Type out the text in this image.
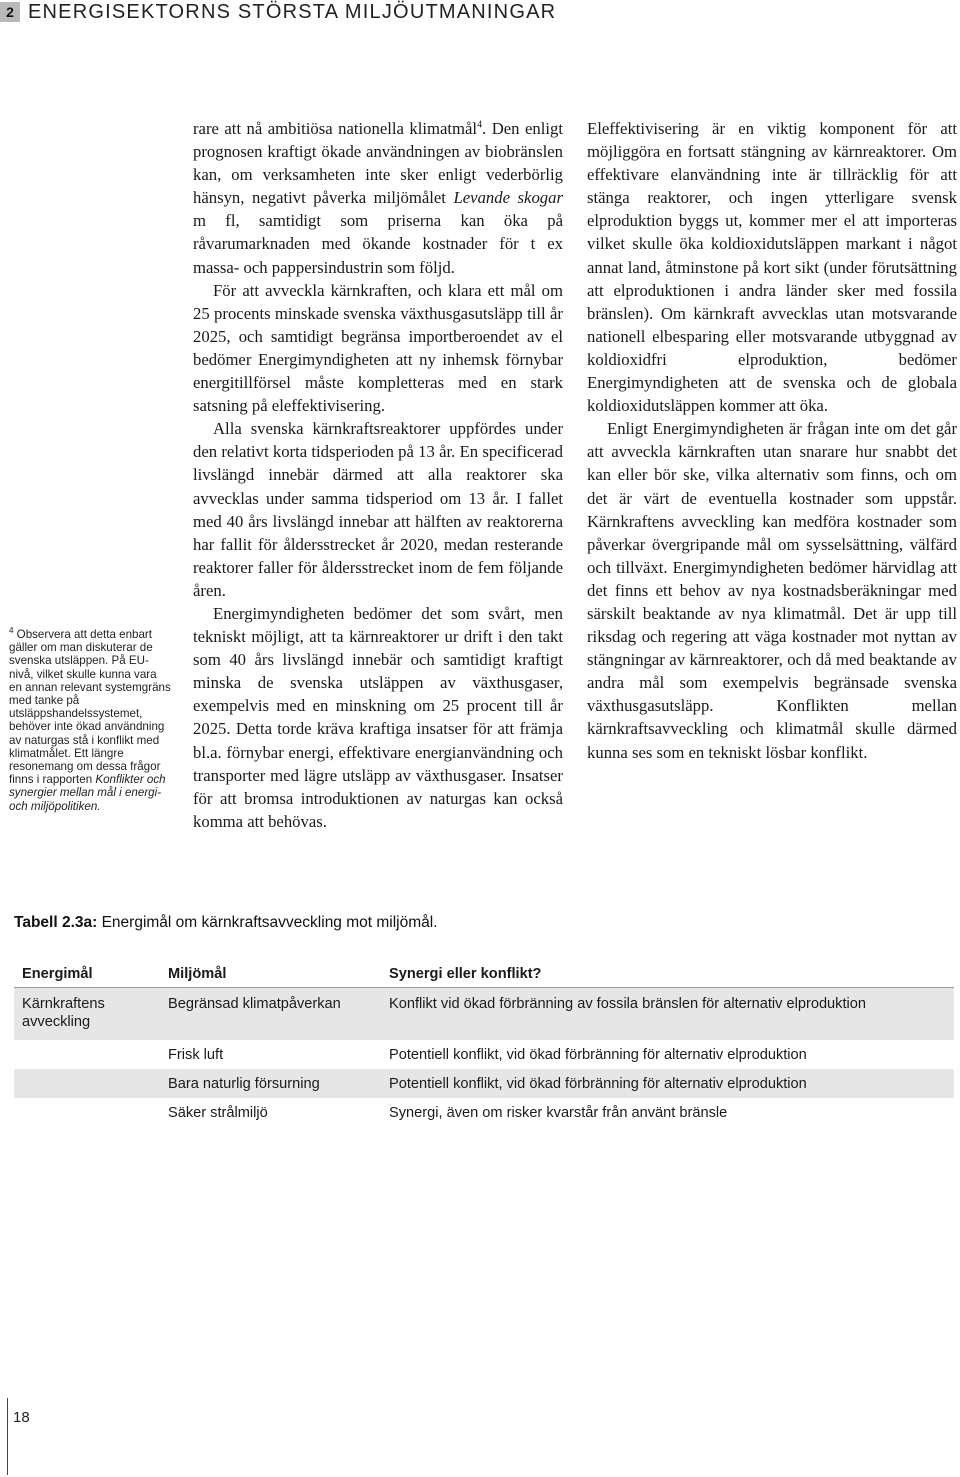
2 ENERGISEKTORNS STÖRSTA MILJÖUTMANINGAR
$^4$ Observera att detta enbart gäller om man diskuterar de svenska utsläppen. På EU-nivå, vilket skulle kunna vara en annan relevant systemgräns med tanke på utsläppshandelssystemet, behöver inte ökad användning av naturgas stå i konflikt med klimatmålet. Ett längre resonemang om dessa frågor finns i rapporten Konflikter och synergier mellan mål i energi- och miljöpolitiken.

rare att nå ambitiösa nationella klimatmål$^4$. Den enligt prognosen kraftigt ökade användningen av biobränslen kan, om verksamheten inte sker enligt vederbörlig hänsyn, negativt påverka miljömålet Levande skogar m fl, samtidigt som priserna kan öka på råvarumarknaden med ökande kostnader för t ex massa- och pappersindustrin som följd.

För att avveckla kärnkraften, och klara ett mål om 25 procents minskade svenska växthusgasutsläpp till år 2025, och samtidigt begränsa importberoendet av el bedömer Energimyndigheten att ny inhemsk förnybar energitillförsel måste kompletteras med en stark satsning på eleffektivisering.

Alla svenska kärnkraftsreaktorer uppfördes under den relativt korta tidsperioden på 13 år. En specificerad livslängd innebär därmed att alla reaktorer ska avvecklas under samma tidsperiod om 13 år. I fallet med 40 års livslängd innebar att hälften av reaktorerna har fallit för åldersstrecket år 2020, medan resterande reaktorer faller för åldersstrecket inom de fem följande åren.

Energimyndigheten bedömer det som svårt, men tekniskt möjligt, att ta kärnreaktorer ur drift i den takt som 40 års livslängd innebär och samtidigt kraftigt minska de svenska utsläppen av växthusgaser, exempelvis med en minskning om 25 procent till år 2025. Detta torde kräva kraftiga insatser för att främja bl.a. förnybar energi, effektivare energianvändning och transporter med lägre utsläpp av växthusgaser. Insatser för att bromsa introduktionen av naturgas kan också komma att behövas.

Eleffektivisering är en viktig komponent för att möjliggöra en fortsatt stängning av kärnreaktorer. Om effektivare elanvändning inte är tillräcklig för att stänga reaktorer, och ingen ytterligare svensk elproduktion byggs ut, kommer mer el att importeras vilket skulle öka koldioxidutsläppen markant i något annat land, åtminstone på kort sikt (under förutsättning att elproduktionen i andra länder sker med fossila bränslen). Om kärnkraft avvecklas utan motsvarande nationell elbesparing eller motsvarande utbyggnad av koldioxidfri elproduktion, bedömer Energimyndigheten att de svenska och de globala koldioxidutsläppen kommer att öka.

Enligt Energimyndigheten är frågan inte om det går att avveckla kärnkraften utan snarare hur snabbt det kan eller bör ske, vilka alternativ som finns, och om det är värt de eventuella kostnader som uppstår. Kärnkraftens avveckling kan medföra kostnader som påverkar övergripande mål om sysselsättning, välfärd och tillväxt. Energimyndigheten bedömer härvidlag att det finns ett behov av nya kostnadsberäkningar med särskilt beaktande av nya klimatmål. Det är upp till riksdag och regering att väga kostnader mot nyttan av stängningar av kärnreaktorer, och då med beaktande av andra mål som exempelvis begränsade svenska växthusgasutsläpp. Konflikten mellan kärnkraftsavveckling och klimatmål skulle därmed kunna ses som en tekniskt lösbar konflikt.

Tabell 2.3a: Energimål om kärnkraftsavveckling mot miljömål.
Energimål	Miljömål	Synergi eller konflikt?
Kärnkraftens avveckling	Begränsad klimatpåverkan	Konflikt vid ökad förbränning av fossila bränslen för alternativ elproduktion
	Frisk luft	Potentiell konflikt, vid ökad förbränning för alternativ elproduktion
	Bara naturlig försurning	Potentiell konflikt, vid ökad förbränning för alternativ elproduktion
	Säker strålmiljö	Synergi, även om risker kvarstår från använt bränsle
18
